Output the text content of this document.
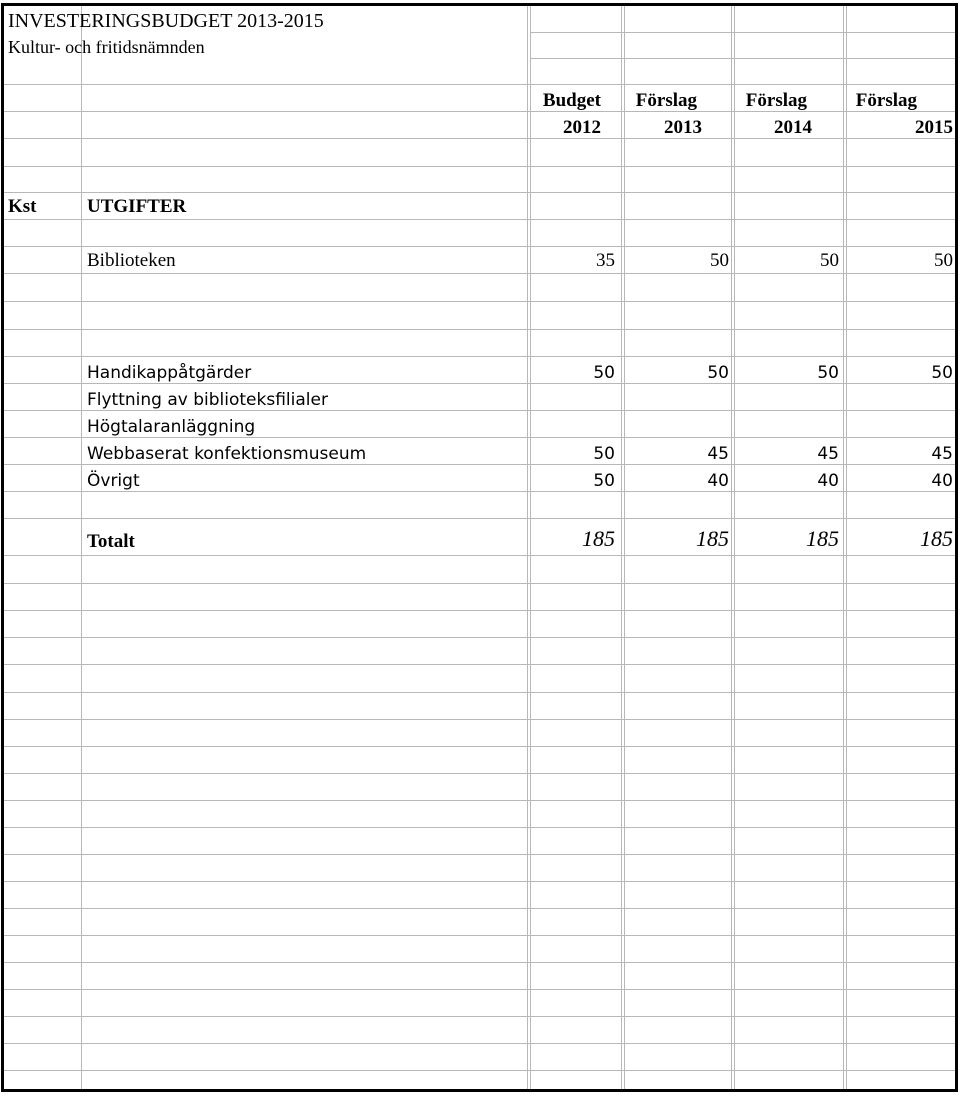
INVESTERINGSBUDGET 2013-2015
Kultur- och fritidsnämnden
Budget	Förslag	Förslag	Förslag
2012	2013	2014	2015
Kst	UTGIFTER
Biblioteken	35	50	50	50
Handikappåtgärder	50	50	50	50
Flyttning av biblioteksfilialer
Högtalaranläggning
Webbaserat konfektionsmuseum	50	45	45	45
Övrigt	50	40	40	40
Totalt	185	185	185	185
